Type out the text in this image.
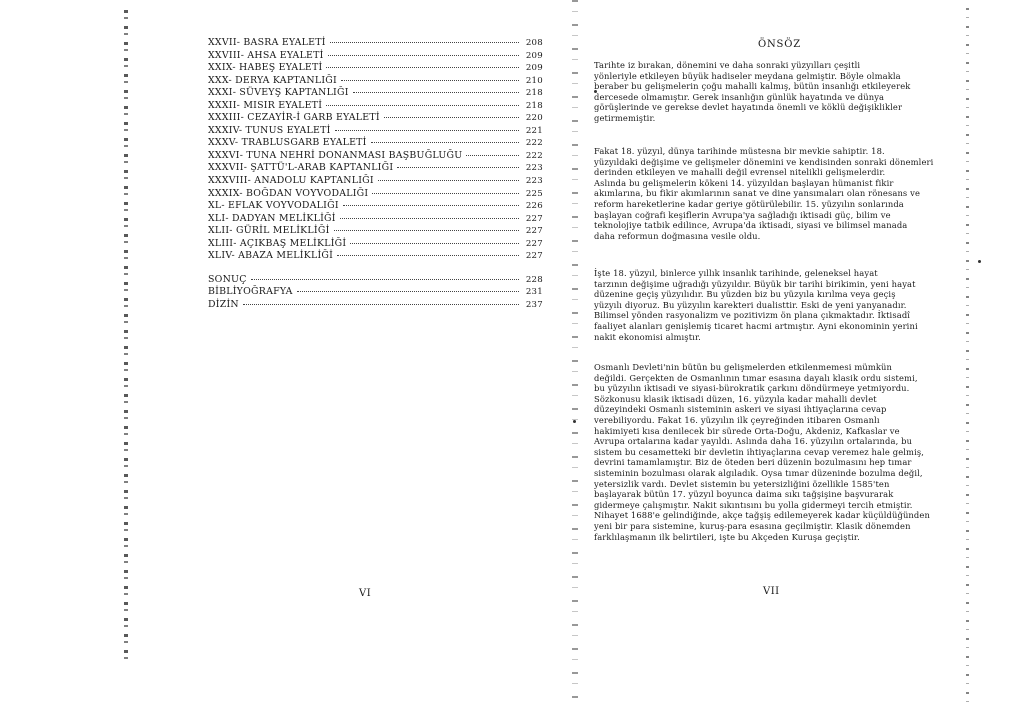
XXVII- BASRA EYALETİ	208
XXVIII- AHSA EYALETİ	209
XXIX- HABEŞ EYALETİ	209
XXX- DERYA KAPTANLIĞI	210
XXXI- SÜVEYŞ KAPTANLIĞI	218
XXXII- MISIR EYALETİ	218
XXXIII- CEZAYİR-İ GARB EYALETİ	220
XXXIV- TUNUS EYALETİ	221
XXXV- TRABLUSGARB EYALETİ	222
XXXVI- TUNA NEHRİ DONANMASI BAŞBUĞLUĞU	222
XXXVII- ŞATTÜ'L-ARAB KAPTANLIĞI	223
XXXVIII- ANADOLU KAPTANLIĞI	223
XXXIX- BOĞDAN VOYVODALIĞI	225
XL- EFLAK VOYVODALIĞI	226
XLI- DADYAN MELİKLİĞİ	227
XLII- GÜRİL MELİKLİĞİ	227
XLIII- AÇIKBAŞ MELİKLİĞİ	227
XLIV- ABAZA MELİKLİĞİ	227
SONUÇ	228
BİBLİYOĞRAFYA	231
DİZİN	237
VI
ÖNSÖZ
Tarihte iz bırakan, dönemini ve daha sonraki yüzyılları çeşitli
yönleriyle etkileyen büyük hadiseler meydana gelmiştir. Böyle olmakla
beraber bu gelişmelerin çoğu mahalli kalmış, bütün insanlığı etkileyerek
dercesede olmamıştır. Gerek insanlığın günlük hayatında ve dünya
görüşlerinde ve gerekse devlet hayatında önemli ve köklü değişiklikler
getirmemiştir.
Fakat 18. yüzyıl, dünya tarihinde müstesna bir mevkie sahiptir. 18.
yüzyıldaki değişime ve gelişmeler dönemini ve kendisinden sonraki dönemleri
derinden etkileyen ve mahalli değil evrensel nitelikli gelişmelerdir.
Aslında bu gelişmelerin kökeni 14. yüzyıldan başlayan hümanist fikir
akımlarına, bu fikir akımlarının sanat ve dine yansımaları olan rönesans ve
reform hareketlerine kadar geriye götürülebilir. 15. yüzyılın sonlarında
başlayan coğrafi keşiflerin Avrupa'ya sağladığı iktisadi güç, bilim ve
teknolojiye tatbik edilince, Avrupa'da iktisadi, siyasi ve bilimsel manada
daha reformun doğmasına vesile oldu.
İşte 18. yüzyıl, binlerce yıllık insanlık tarihinde, geleneksel hayat
tarzının değişime uğradığı yüzyıldır. Büyük bir tarihi birikimin, yeni hayat
düzenine geçiş yüzyılıdır. Bu yüzden biz bu yüzyıla kırılma veya geçiş
yüzyılı diyoruz. Bu yüzyılın karekteri dualisttir. Eski de yeni yanyanadır.
Bilimsel yönden rasyonalizm ve pozitivizm ön plana çıkmaktadır. İktisadî
faaliyet alanları genişlemiş ticaret hacmi artmıştır. Ayni ekonominin yerini
nakit ekonomisi almıştır.
Osmanlı Devleti'nin bütün bu gelişmelerden etkilenmemesi mümkün
değildi. Gerçekten de Osmanlının tımar esasına dayalı klasik ordu sistemi,
bu yüzyılın iktisadi ve siyasi-bürokratik çarkını döndürmeye yetmiyordu.
Sözkonusu klasik iktisadi düzen, 16. yüzyıla kadar mahalli devlet
düzeyindeki Osmanlı sisteminin askeri ve siyasi ihtiyaçlarına cevap
verebiliyordu. Fakat 16. yüzyılın ilk çeyreğinden itibaren Osmanlı
hakimiyeti kısa denilecek bir sürede Orta-Doğu, Akdeniz, Kafkaslar ve
Avrupa ortalarına kadar yayıldı. Aslında daha 16. yüzyılın ortalarında, bu
sistem bu cesametteki bir devletin ihtiyaçlarına cevap veremez hale gelmiş,
devrini tamamlamıştır. Biz de öteden beri düzenin bozulmasını hep tımar
sisteminin bozulması olarak algıladık. Oysa tımar düzeninde bozulma değil,
yetersizlik vardı. Devlet sistemin bu yetersizliğini özellikle 1585'ten
başlayarak bütün 17. yüzyıl boyunca daima sıkı tağşişine başvurarak
gidermeye çalışmıştır. Nakit sıkıntısını bu yolla gidermeyi tercih etmiştir.
Nihayet 1688'e gelindiğinde, akçe tağşiş edilemeyerek kadar küçüldüğünden
yeni bir para sistemine, kuruş-para esasına geçilmiştir. Klasik dönemden
farklılaşmanın ilk belirtileri, işte bu Akçeden Kuruşa geçiştir.
VII
